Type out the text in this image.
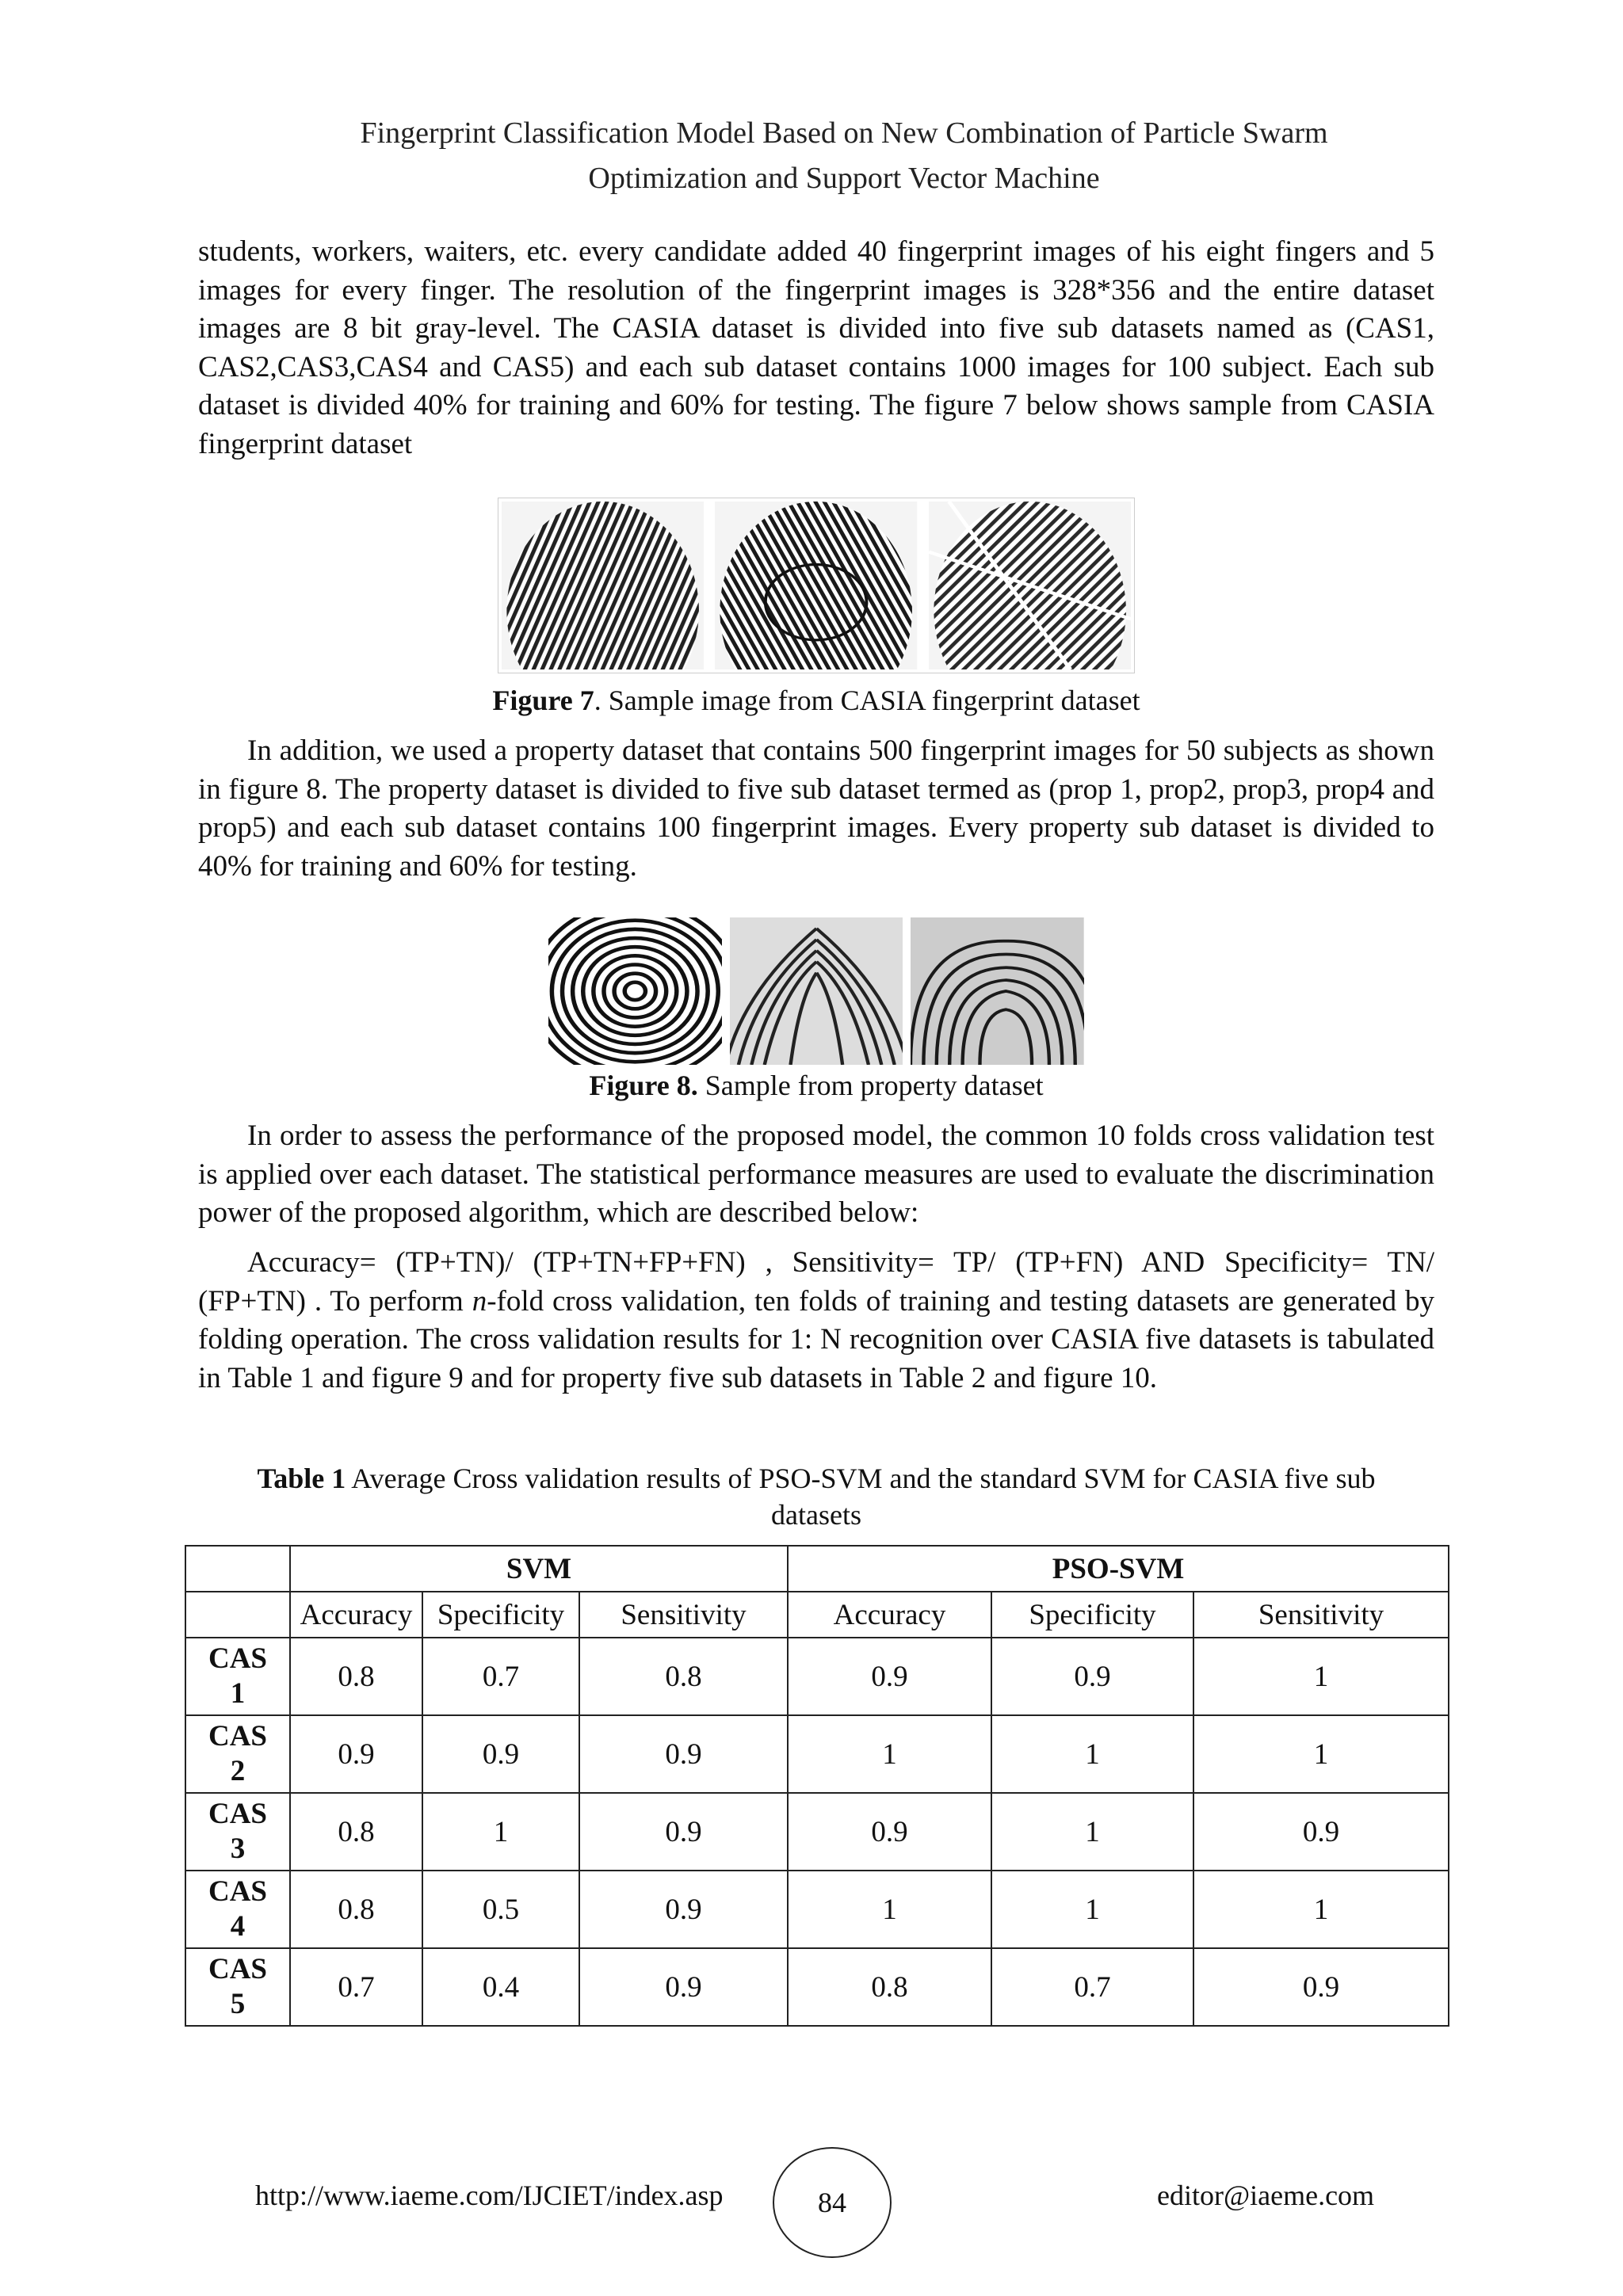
Fingerprint Classification Model Based on New Combination of Particle Swarm
Optimization and Support Vector Machine

students, workers, waiters, etc. every candidate added 40 fingerprint images of his eight fingers and 5 images for every finger. The resolution of the fingerprint images is 328*356 and the entire dataset images are 8 bit gray-level. The CASIA dataset is divided into five sub datasets named as (CAS1, CAS2,CAS3,CAS4 and CAS5) and each sub dataset contains 1000 images for 100 subject. Each sub dataset is divided 40% for training and 60% for testing. The figure 7 below shows sample from CASIA fingerprint dataset

Figure 7. Sample image from CASIA fingerprint dataset

In addition, we used a property dataset that contains 500 fingerprint images for 50 subjects as shown in figure 8. The property dataset is divided to five sub dataset termed as (prop 1, prop2, prop3, prop4 and prop5) and each sub dataset contains 100 fingerprint images. Every property sub dataset is divided to 40% for training and 60% for testing.

Figure 8. Sample from property dataset

In order to assess the performance of the proposed model, the common 10 folds cross validation test is applied over each dataset. The statistical performance measures are used to evaluate the discrimination power of the proposed algorithm, which are described below:

Accuracy= (TP+TN)/ (TP+TN+FP+FN) , Sensitivity= TP/ (TP+FN) AND Specificity= TN/ (FP+TN) . To perform n-fold cross validation, ten folds of training and testing datasets are generated by folding operation. The cross validation results for 1: N recognition over CASIA five datasets is tabulated in Table 1 and figure 9 and for property five sub datasets in Table 2 and figure 10.

Table 1 Average Cross validation results of PSO-SVM and the standard SVM for CASIA five sub datasets
	SVM			PSO-SVM		
	Accuracy	Specificity	Sensitivity	Accuracy	Specificity	Sensitivity
CAS
1	0.8	0.7	0.8	0.9	0.9	1
CAS
2	0.9	0.9	0.9	1	1	1
CAS
3	0.8	1	0.9	0.9	1	0.9
CAS
4	0.8	0.5	0.9	1	1	1
CAS
5	0.7	0.4	0.9	0.8	0.7	0.9
http://www.iaeme.com/IJCIET/index.asp	84	editor@iaeme.com
